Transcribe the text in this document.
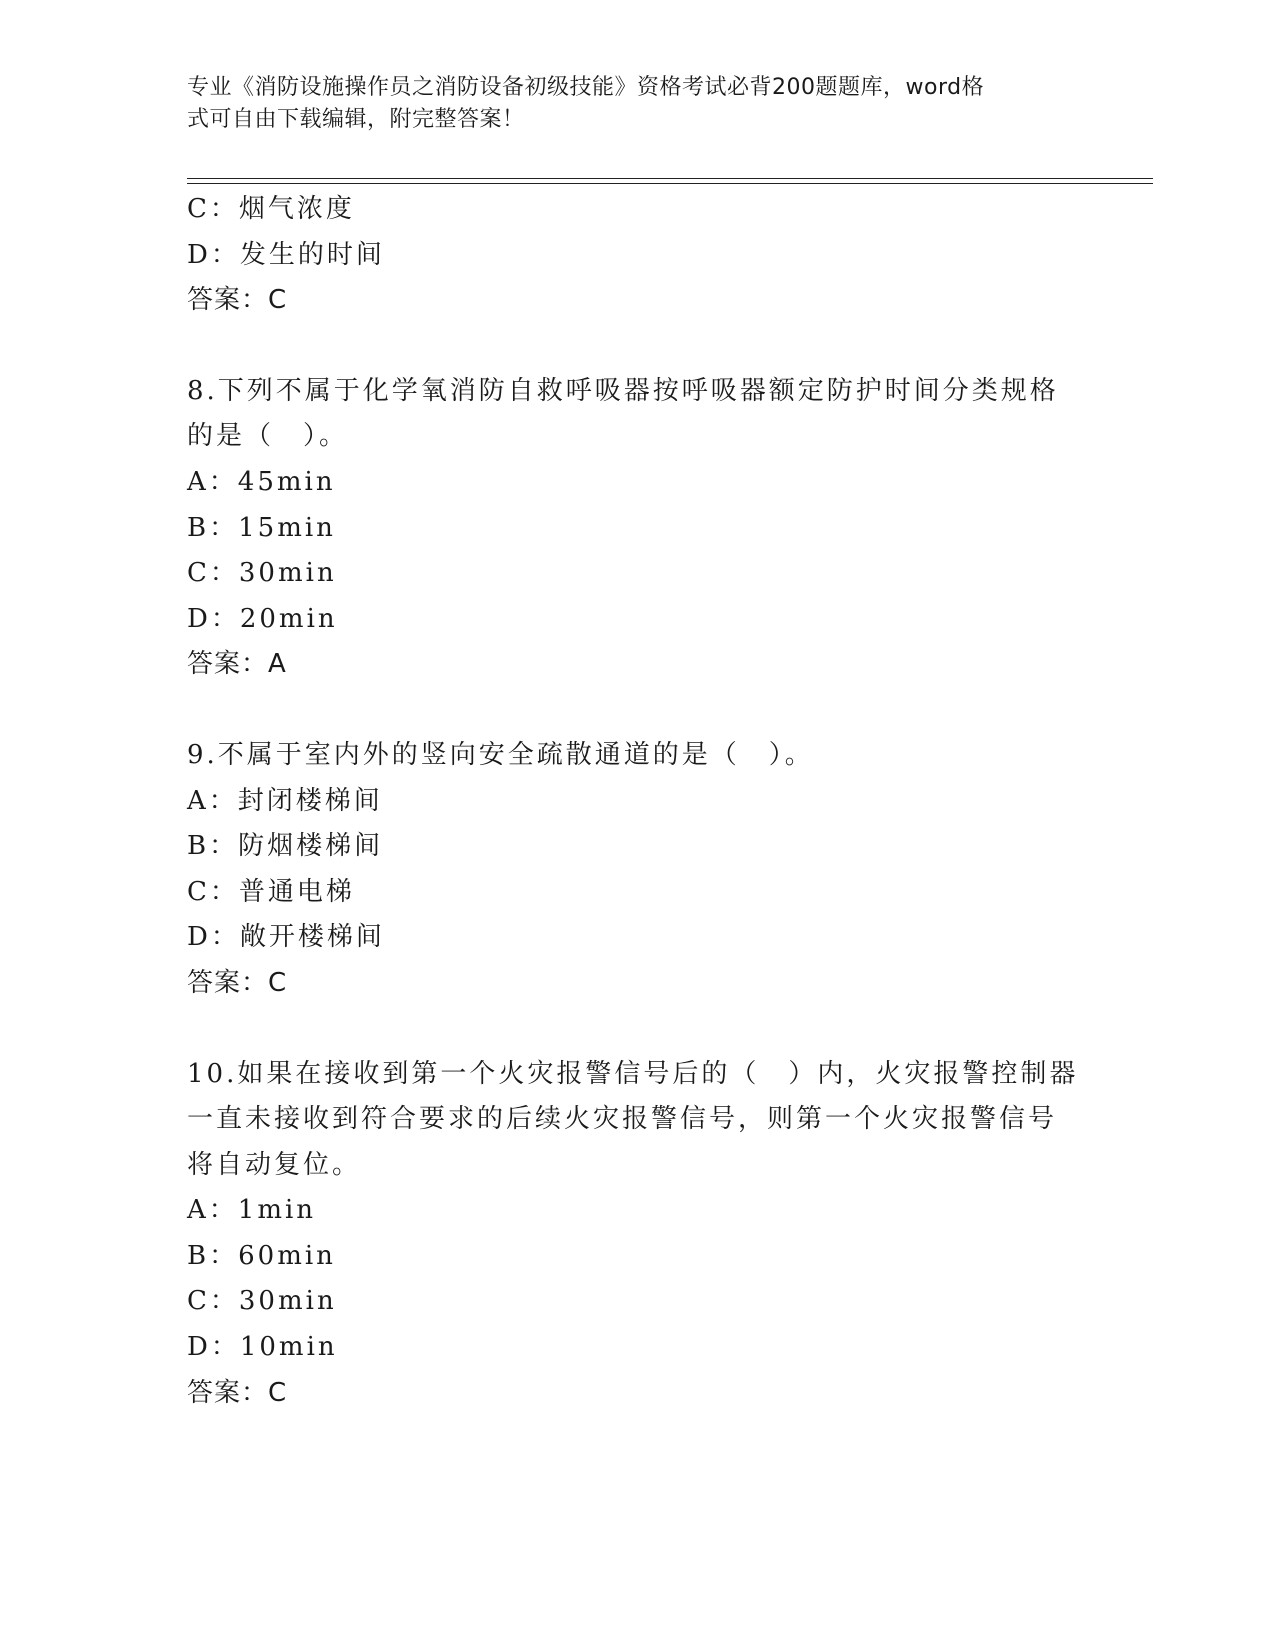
专业《消防设施操作员之消防设备初级技能》资格考试必背200题题库，word格
式可自由下载编辑，附完整答案！
C：烟气浓度
D：发生的时间
答案：C
8.下列不属于化学氧消防自救呼吸器按呼吸器额定防护时间分类规格
的是（　）。
A：45min
B：15min
C：30min
D：20min
答案：A
9.不属于室内外的竖向安全疏散通道的是（　）。
A：封闭楼梯间
B：防烟楼梯间
C：普通电梯
D：敞开楼梯间
答案：C
10.如果在接收到第一个火灾报警信号后的（　）内，火灾报警控制器
一直未接收到符合要求的后续火灾报警信号，则第一个火灾报警信号
将自动复位。
A：1min
B：60min
C：30min
D：10min
答案：C
